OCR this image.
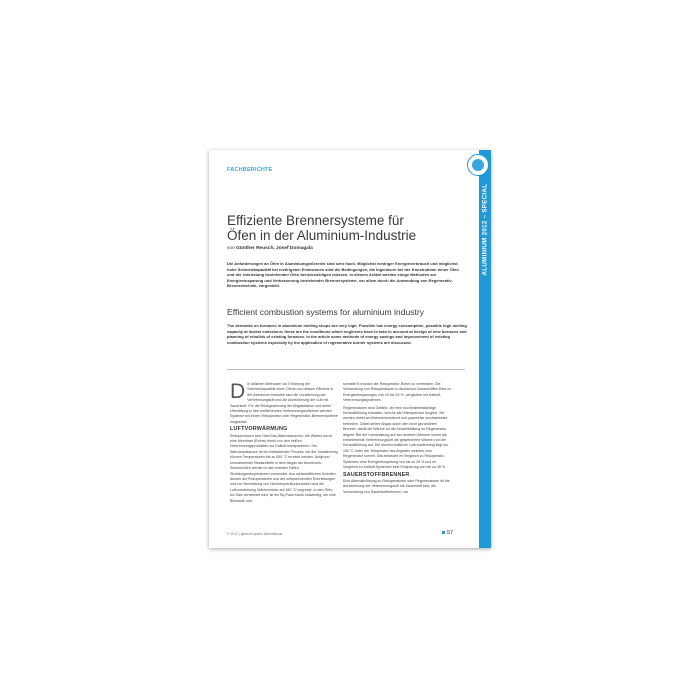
FACHBERICHTE
ALUMINIUM 2012 – SPECIAL
Effiziente Brennersysteme für
Öfen in der Aluminium-Industrie
von Günther Reusch, Josef Domagala
Die Anforderungen an Öfen in Aluminiumgießereien sind sehr hoch. Möglichst niedriger Energieverbrauch und möglichst hohe Schmelzkapazität bei niedrigsten Emissionen sind die Bedingungen, die Ingenieure bei der Konstruktion neuer Öfen und der Umrüstung bestehender Öfen berücksichtigen müssen. In diesem Artikel werden einige Methoden zur Energieeinsparung und Verbesserung bestehender Brennersysteme, vor allem durch die Anwendung von Regenerativ-Brennertechnik, vorgestellt.
Efficient combustion systems for aluminium industry
The demands on furnaces in aluminium melting shops are very high. Possible low energy consumption, possible high melting capacity at lowest emissions; these are the conditions which engineers have to take in account at design of new furnaces and planning of rebuilds of existing furnaces. In the article some methods of energy savings and improvement of existing combustion systems especially by the application of regenerative burner systems are discussed.

Die üblichen Methoden zur Erhöhung der Schmelzkapazität eines Ofens und dessen Effizienz in der Aluminium-Industrie sind die Vorwärmung der Verbrennungsluft und die Anreicherung der Luft mit Sauerstoff. Für die Rückgewinnung der Abgaswärme und deren Überleitung in den einfließenden Verbrennungsluftstrom werden Systeme mit einem Rekuperator oder Regenerator-Brennersysteme eingesetzt.

LUFTVORWÄRMUNG

Rekuperatoren sind Gas/Gas-Wärmetauscher, die Wärme durch eine Membran (Rohre) direkt von den heißen Verbrennungsprodukten zur Kaltluft transportieren. Der Wärmeaustausch ist ein fortlaufender Prozess, bei der Vorwärmung können Temperaturen bis zu 650 °C erreicht werden. Aufgrund korrodierender Bestandteile in dem Abgas der Aluminium-Schmelzöfen werden in den meisten Fällen Strahlungsrekuperatoren verwendet. Aus wirtschaftlichen Gründen dürsen der Rekuperatoren und der entsprechenden Rohrleitungen und zur Vermeidung von Hochtemperaturkorrosion wird die Luftvorwärmung üblicherweise auf 450 °C begrenzt. In den Öfen, wo Salz verwendet wird, ist ein By-Pass Kanal notwendig, um eine Blockade und

schnelle Korrosion der Rekuperator-Rohre zu vermeiden. Die Verwendung von Rekuperatoren in Aluminium-Schmelzöfen führt zu Energieeinsparungen von 20 bis 25 %, verglichen mit Kaltluft-Verbrennungssystemen.

Regeneratoren sind Gefäße, die eine hochhitzebeständige Keramikfüllung enthalten, welche als Hitzespeicher fungiert. Sie werden direkt am Brennereinsatzort und paarweise wechselweise betrieben. Dabei strömt Abgas durch den nicht gezündeten Brenner, damit die Wärme an die Keramikfüllung im Regenerator abgeht. Bei der Umschaltung auf den anderen Brenner nimmt die einströmende Verbrennungsluft die gespeicherte Wärme von der Keramikfüllung auf. Die durchschnittliche Luftvorwärmung liegt nur 150 °C unter der Temperatur des Abgases welches zum Regenerator kommt. Das bedeutet im Vergleich zu Rekuperativ-Systemen eine Energieeinsparung von bis zu 25 % und im Vergleich zu Kaltluft-Systemen eine Einsparung von bis zu 45 %.

SAUERSTOFFBRENNER

Eine Alternativlösung zu Rekuperatoren oder Regeneratoren ist die Anreicherung der Verbrennungsluft mit Sauerstoff bzw. die Verwendung von Sauerstoffbrennern, wo

© 2012 | gieserei-praxis international	57
